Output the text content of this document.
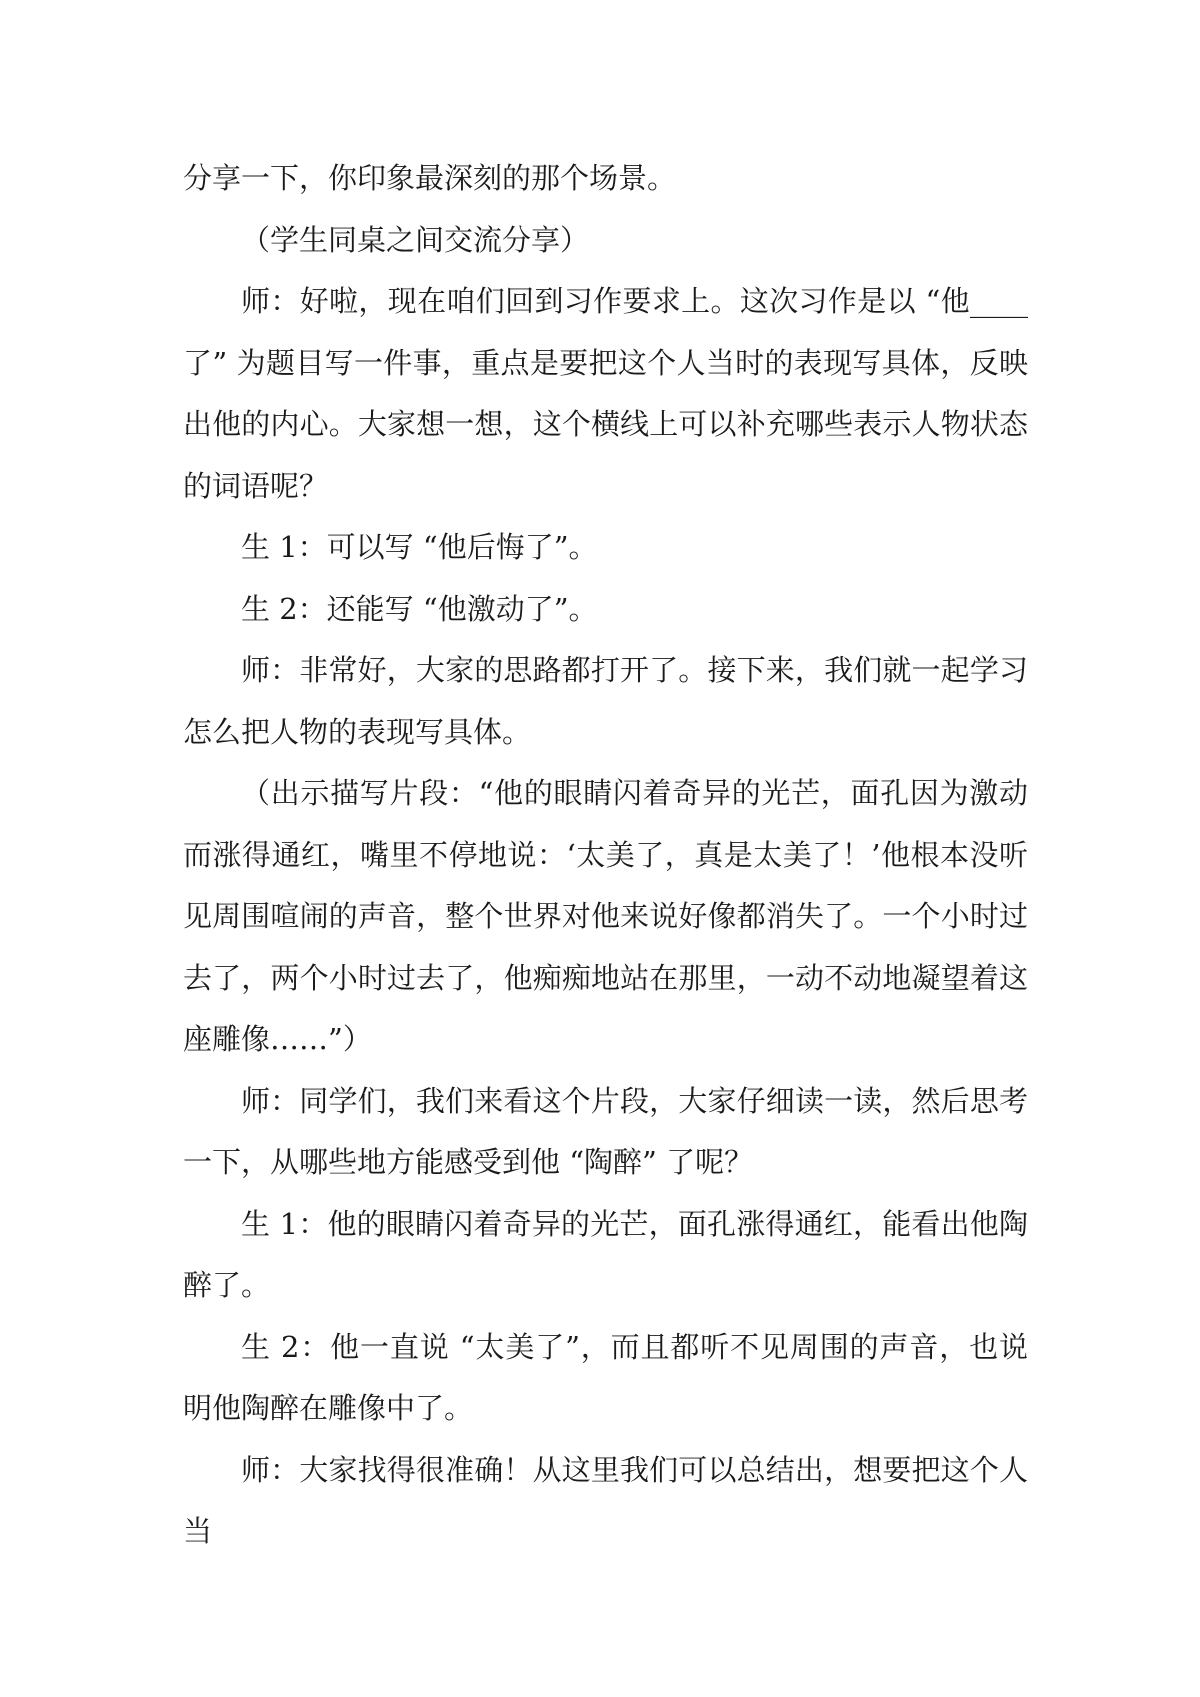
分享一下，你印象最深刻的那个场景。

（学生同桌之间交流分享）

师：好啦，现在咱们回到习作要求上。这次习作是以 “他____了” 为题目写一件事，重点是要把这个人当时的表现写具体，反映出他的内心。大家想一想，这个横线上可以补充哪些表示人物状态的词语呢？

生 1：可以写 “他后悔了”。

生 2：还能写 “他激动了”。

师：非常好，大家的思路都打开了。接下来，我们就一起学习怎么把人物的表现写具体。

（出示描写片段：“他的眼睛闪着奇异的光芒，面孔因为激动而涨得通红，嘴里不停地说：‘太美了，真是太美了！’他根本没听见周围喧闹的声音，整个世界对他来说好像都消失了。一个小时过去了，两个小时过去了，他痴痴地站在那里，一动不动地凝望着这座雕像……”）

师：同学们，我们来看这个片段，大家仔细读一读，然后思考一下，从哪些地方能感受到他 “陶醉” 了呢？

生 1：他的眼睛闪着奇异的光芒，面孔涨得通红，能看出他陶醉了。

生 2：他一直说 “太美了”，而且都听不见周围的声音，也说明他陶醉在雕像中了。

师：大家找得很准确！从这里我们可以总结出，想要把这个人当
